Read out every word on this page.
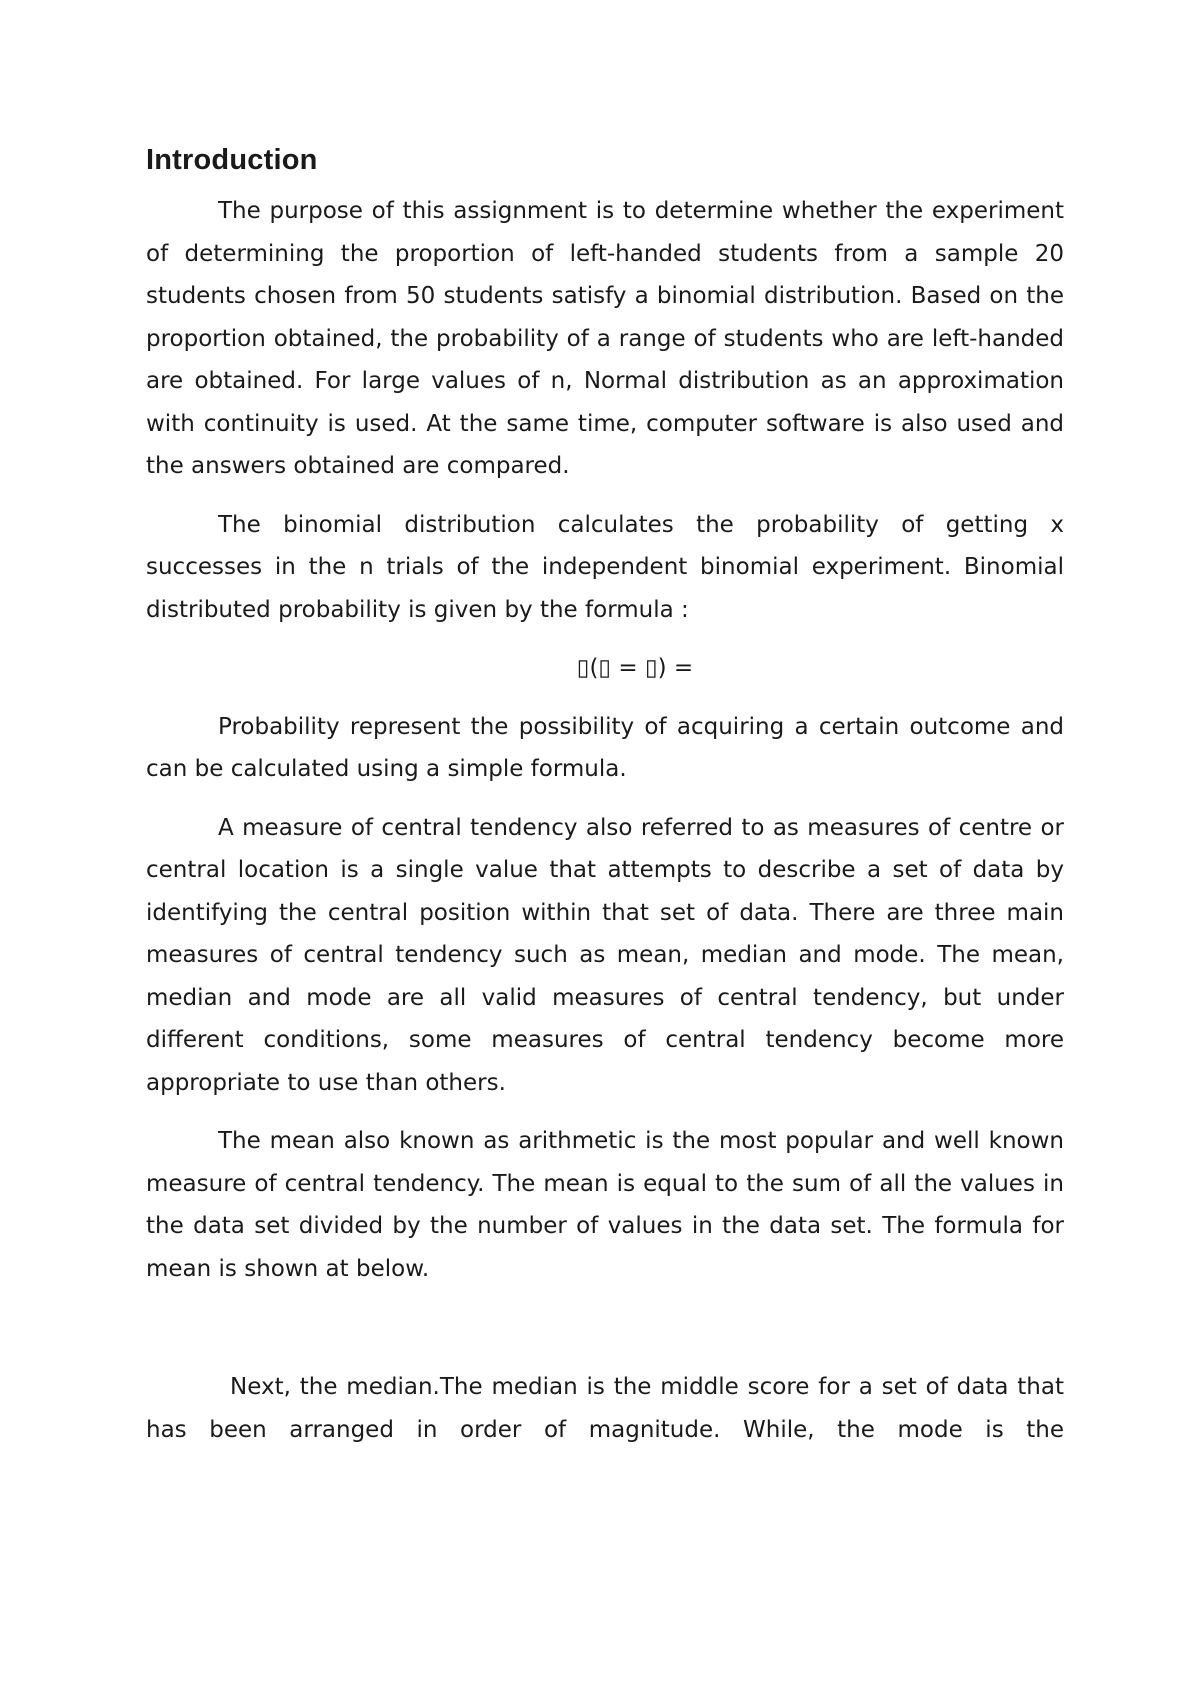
Introduction

The purpose of this assignment is to determine whether the experiment of determining the proportion of left-handed students from a sample 20 students chosen from 50 students satisfy a binomial distribution. Based on the proportion obtained, the probability of a range of students who are left-handed are obtained. For large values of n, Normal distribution as an approximation with continuity is used. At the same time, computer software is also used and the answers obtained are compared.

The binomial distribution calculates the probability of getting x successes in the n trials of the independent binomial experiment. Binomial distributed probability is given by the formula :

▯(▯ = ▯) =

Probability represent the possibility of acquiring a certain outcome and can be calculated using a simple formula.

A measure of central tendency also referred to as measures of centre or central location is a single value that attempts to describe a set of data by identifying the central position within that set of data. There are three main measures of central tendency such as mean, median and mode. The mean, median and mode are all valid measures of central tendency, but under different conditions, some measures of central tendency become more appropriate to use than others.

The mean also known as arithmetic is the most popular and well known measure of central tendency. The mean is equal to the sum of all the values in the data set divided by the number of values in the data set. The formula for mean is shown at below.

Next, the median.The median is the middle score for a set of data that has been arranged in order of magnitude. While, the mode is the
